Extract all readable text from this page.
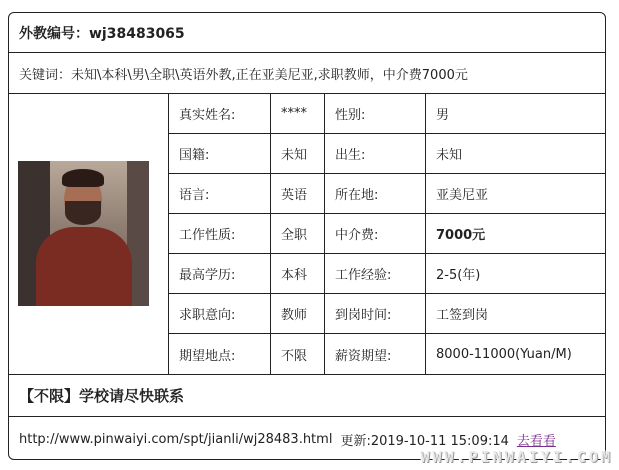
外教编号：wj38483065
关键词：未知\本科\男\全职\英语外教,正在亚美尼亚,求职教师，中介费7000元
真实姓名:	****	性别:	男
国籍:	未知	出生:	未知
语言:	英语	所在地:	亚美尼亚
工作性质:	全职	中介费:	7000元
最高学历:	本科	工作经验:	2-5(年)
求职意向:	教师	到岗时间:	工签到岗
期望地点:	不限	薪资期望:	8000-11000(Yuan/M)
【不限】学校请尽快联系
http://www.pinwaiyi.com/spt/jianli/wj28483.html 更新:2019-10-11 15:09:14 去看看
WWW.PINWAIYI.COM
